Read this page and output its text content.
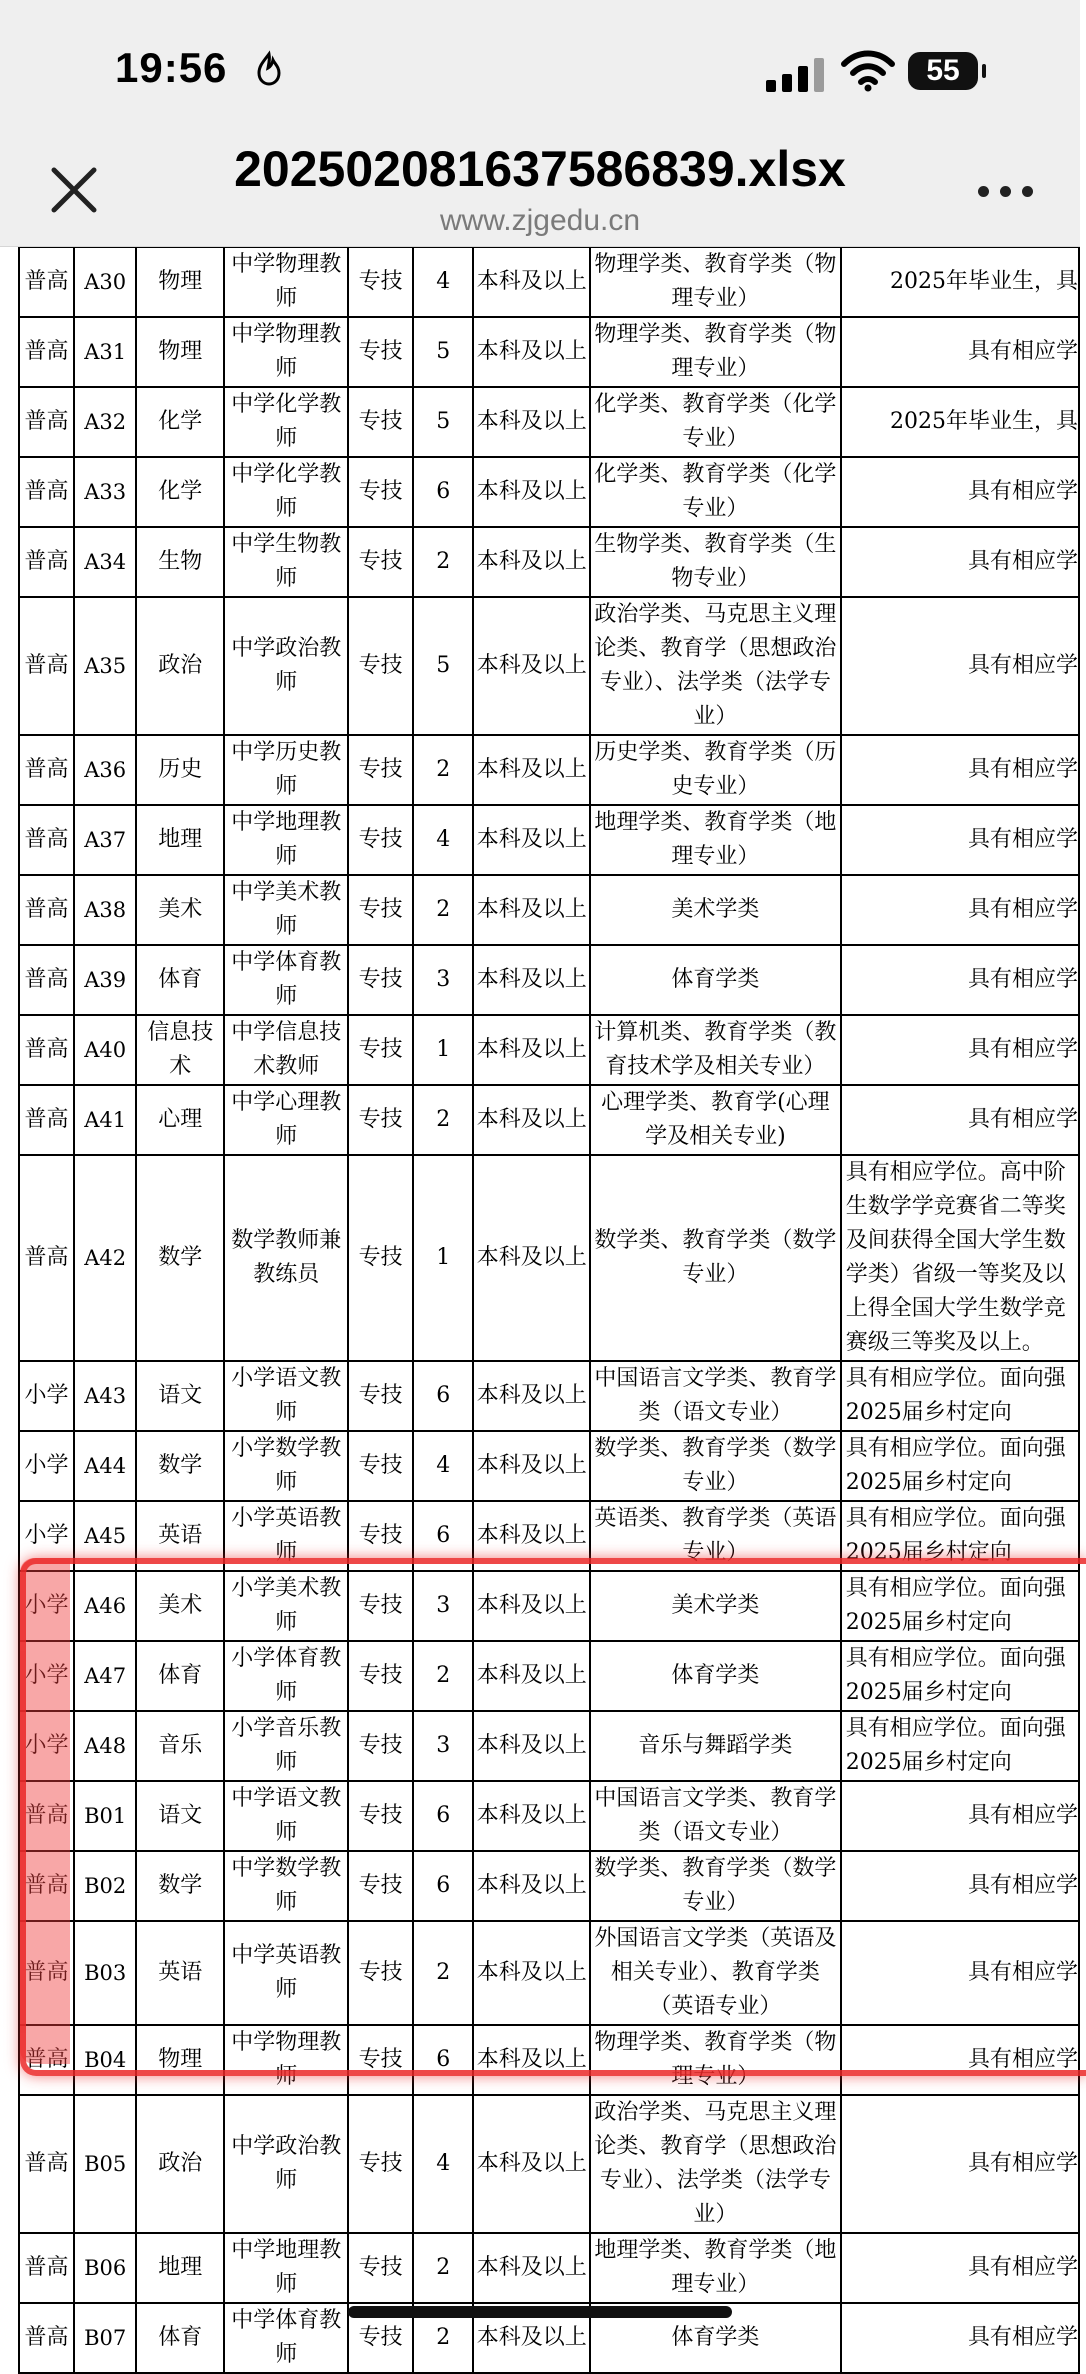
19:56	55
20250208163758683​9.xlsx
www.zjgedu.cn
普高	A30	物理	中学物理教师	专技	4	本科及以上	物理学类、教育学类（物理专业）	2025年毕业生，具
普高	A31	物理	中学物理教师	专技	5	本科及以上	物理学类、教育学类（物理专业）	具有相应学
普高	A32	化学	中学化学教师	专技	5	本科及以上	化学类、教育学类（化学专业）	2025年毕业生，具
普高	A33	化学	中学化学教师	专技	6	本科及以上	化学类、教育学类（化学专业）	具有相应学
普高	A34	生物	中学生物教师	专技	2	本科及以上	生物学类、教育学类（生物专业）	具有相应学
普高	A35	政治	中学政治教师	专技	5	本科及以上	政治学类、马克思主义理论类、教育学（思想政治专业）、法学类（法学专业）	具有相应学
普高	A36	历史	中学历史教师	专技	2	本科及以上	历史学类、教育学类（历史专业）	具有相应学
普高	A37	地理	中学地理教师	专技	4	本科及以上	地理学类、教育学类（地理专业）	具有相应学
普高	A38	美术	中学美术教师	专技	2	本科及以上	美术学类	具有相应学
普高	A39	体育	中学体育教师	专技	3	本科及以上	体育学类	具有相应学
普高	A40	信息技术	中学信息技术教师	专技	1	本科及以上	计算机类、教育学类（教育技术学及相关专业）	具有相应学
普高	A41	心理	中学心理教师	专技	2	本科及以上	心理学类、教育学(心理学及相关专业)	具有相应学
普高	A42	数学	数学教师兼教练员	专技	1	本科及以上	数学类、教育学类（数学专业）	具有相应学位。高中阶生数学学竞赛省二等奖及间获得全国大学生数学类）省级一等奖及以上得全国大学生数学竞赛级三等奖及以上。
小学	A43	语文	小学语文教师	专技	6	本科及以上	中国语言文学类、教育学类（语文专业）	具有相应学位。面向强2025届乡村定向
小学	A44	数学	小学数学教师	专技	4	本科及以上	数学类、教育学类（数学专业）	具有相应学位。面向强2025届乡村定向
小学	A45	英语	小学英语教师	专技	6	本科及以上	英语类、教育学类（英语专业）	具有相应学位。面向强2025届乡村定向
小学	A46	美术	小学美术教师	专技	3	本科及以上	美术学类	具有相应学位。面向强2025届乡村定向
小学	A47	体育	小学体育教师	专技	2	本科及以上	体育学类	具有相应学位。面向强2025届乡村定向
小学	A48	音乐	小学音乐教师	专技	3	本科及以上	音乐与舞蹈学类	具有相应学位。面向强2025届乡村定向
普高	B01	语文	中学语文教师	专技	6	本科及以上	中国语言文学类、教育学类（语文专业）	具有相应学
普高	B02	数学	中学数学教师	专技	6	本科及以上	数学类、教育学类（数学专业）	具有相应学
普高	B03	英语	中学英语教师	专技	2	本科及以上	外国语言文学类（英语及相关专业）、教育学类（英语专业）	具有相应学
普高	B04	物理	中学物理教师	专技	6	本科及以上	物理学类、教育学类（物理专业）	具有相应学
普高	B05	政治	中学政治教师	专技	4	本科及以上	政治学类、马克思主义理论类、教育学（思想政治专业）、法学类（法学专业）	具有相应学
普高	B06	地理	中学地理教师	专技	2	本科及以上	地理学类、教育学类（地理专业）	具有相应学
普高	B07	体育	中学体育教师	专技	2	本科及以上	体育学类	具有相应学
